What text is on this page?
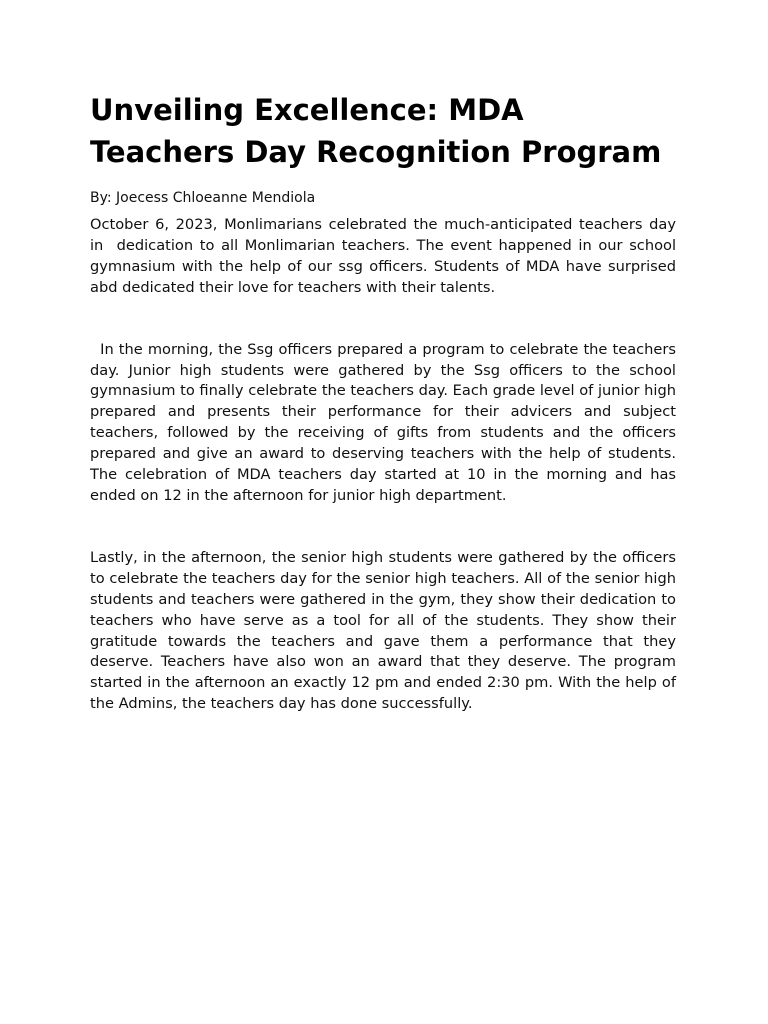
Unveiling Excellence: MDA Teachers Day Recognition Program

By: Joecess Chloeanne Mendiola

October 6, 2023, Monlimarians celebrated the much-anticipated teachers day in  dedication to all Monlimarian teachers. The event happened in our school gymnasium with the help of our ssg officers. Students of MDA have surprised abd dedicated their love for teachers with their talents.

In the morning, the Ssg officers prepared a program to celebrate the teachers day. Junior high students were gathered by the Ssg officers to the school gymnasium to finally celebrate the teachers day. Each grade level of junior high prepared and presents their performance for their advicers and subject teachers, followed by the receiving of gifts from students and the officers prepared and give an award to deserving teachers with the help of students. The celebration of MDA teachers day started at 10 in the morning and has ended on 12 in the afternoon for junior high department.

Lastly, in the afternoon, the senior high students were gathered by the officers to celebrate the teachers day for the senior high teachers. All of the senior high students and teachers were gathered in the gym, they show their dedication to teachers who have serve as a tool for all of the students. They show their gratitude towards the teachers and gave them a performance that they deserve. Teachers have also won an award that they deserve. The program started in the afternoon an exactly 12 pm and ended 2:30 pm. With the help of the Admins, the teachers day has done successfully.
